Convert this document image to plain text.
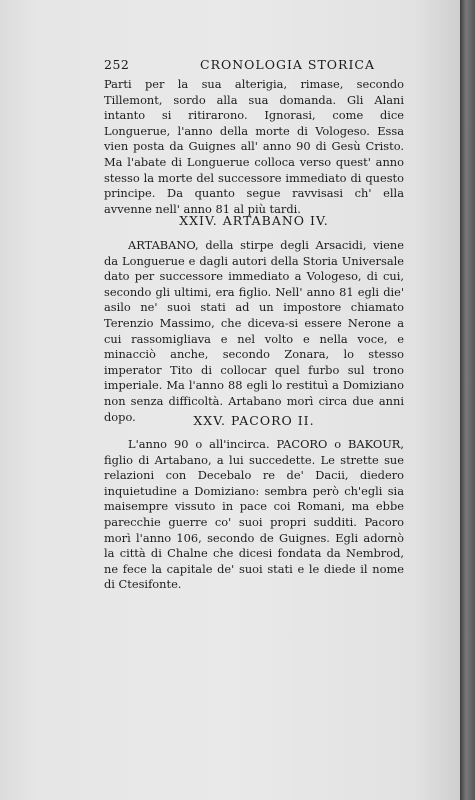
252	CRONOLOGIA STORICA

Parti per la sua alterigia, rimase, secondo Tillemont, sordo alla sua domanda. Gli Alani intanto si ritirarono. Ignorasi, come dice Longuerue, l'anno della morte di Vologeso. Essa vien posta da Guignes all' anno 90 di Gesù Cristo. Ma l'abate di Longuerue colloca verso quest' anno stesso la morte del successore immediato di questo principe. Da quanto segue ravvisasi ch' ella avvenne nell' anno 81 al più tardi.

XXIV. ARTABANO IV.

ARTABANO, della stirpe degli Arsacidi, viene da Longuerue e dagli autori della Storia Universale dato per successore immediato a Vologeso, di cui, secondo gli ultimi, era figlio. Nell' anno 81 egli die' asilo ne' suoi stati ad un impostore chiamato Terenzio Massimo, che diceva-si essere Nerone a cui rassomigliava e nel volto e nella voce, e minacciò anche, secondo Zonara, lo stesso imperator Tito di collocar quel furbo sul trono imperiale. Ma l'anno 88 egli lo restituì a Domiziano non senza difficoltà. Artabano morì circa due anni dopo.	XXV. PACORO II.

L'anno 90 o all'incirca. PACORO o BAKOUR, figlio di Artabano, a lui succedette. Le strette sue relazioni con Decebalo re de' Dacii, diedero inquietudine a Domiziano: sembra però ch'egli sia maisempre vissuto in pace coi Romani, ma ebbe parecchie guerre co' suoi propri sudditi. Pacoro morì l'anno 106, secondo de Guignes. Egli adornò la città di Chalne che dicesi fondata da Nembrod, ne fece la capitale de' suoi stati e le diede il nome di Ctesifonte.
